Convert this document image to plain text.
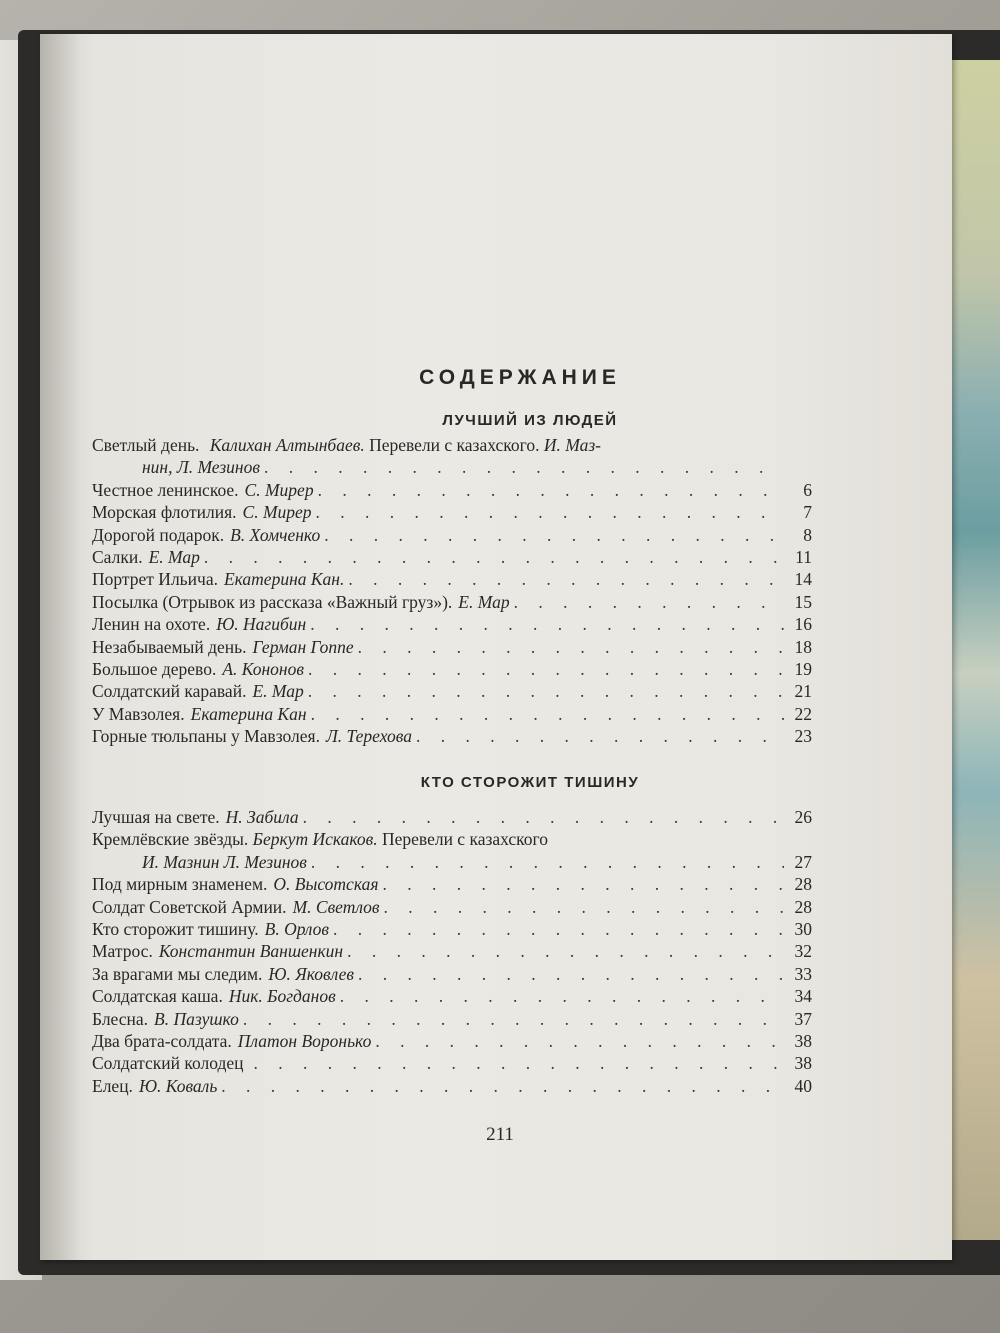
СОДЕРЖАНИЕ
ЛУЧШИЙ ИЗ ЛЮДЕЙ
Светлый день. Калихан Алтынбаев. Перевели с казахского. И. Маз-
нин, Л. Мезинов
. . .
Честное ленинское. С. Мирер . . .	6
Морская флотилия. С. Мирер . . .	7
Дорогой подарок. В. Хомченко . . .	8
Салки. Е. Мар . . .	11
Портрет Ильича. Екатерина Кан. . . .	14
Посылка (Отрывок из рассказа «Важный груз»). Е. Мар . . .	15
Ленин на охоте. Ю. Нагибин . . .	16
Незабываемый день. Герман Гоппе . . .	18
Большое дерево. А. Кононов . . .	19
Солдатский каравай. Е. Мар . . .	21
У Мавзолея. Екатерина Кан . . .	22
Горные тюльпаны у Мавзолея. Л. Терехова . . .	23
КТО СТОРОЖИТ ТИШИНУ
Лучшая на свете. Н. Забила . . .	26
Кремлёвские звёзды. Беркут Искаков. Перевели с казахского
И. Мазнин Л. Мезинов . . .	27
Под мирным знаменем. О. Высотская . . .	28
Солдат Советской Армии. М. Светлов . . .	28
Кто сторожит тишину. В. Орлов . . .	30
Матрос. Константин Ваншенкин . . .	32
За врагами мы следим. Ю. Яковлев . . .	33
Солдатская каша. Ник. Богданов . . .	34
Блесна. В. Пазушко . . .	37
Два брата-солдата. Платон Воронько . . .	38
Солдатский колодец . . .	38
Елец. Ю. Коваль . . .	40
211
